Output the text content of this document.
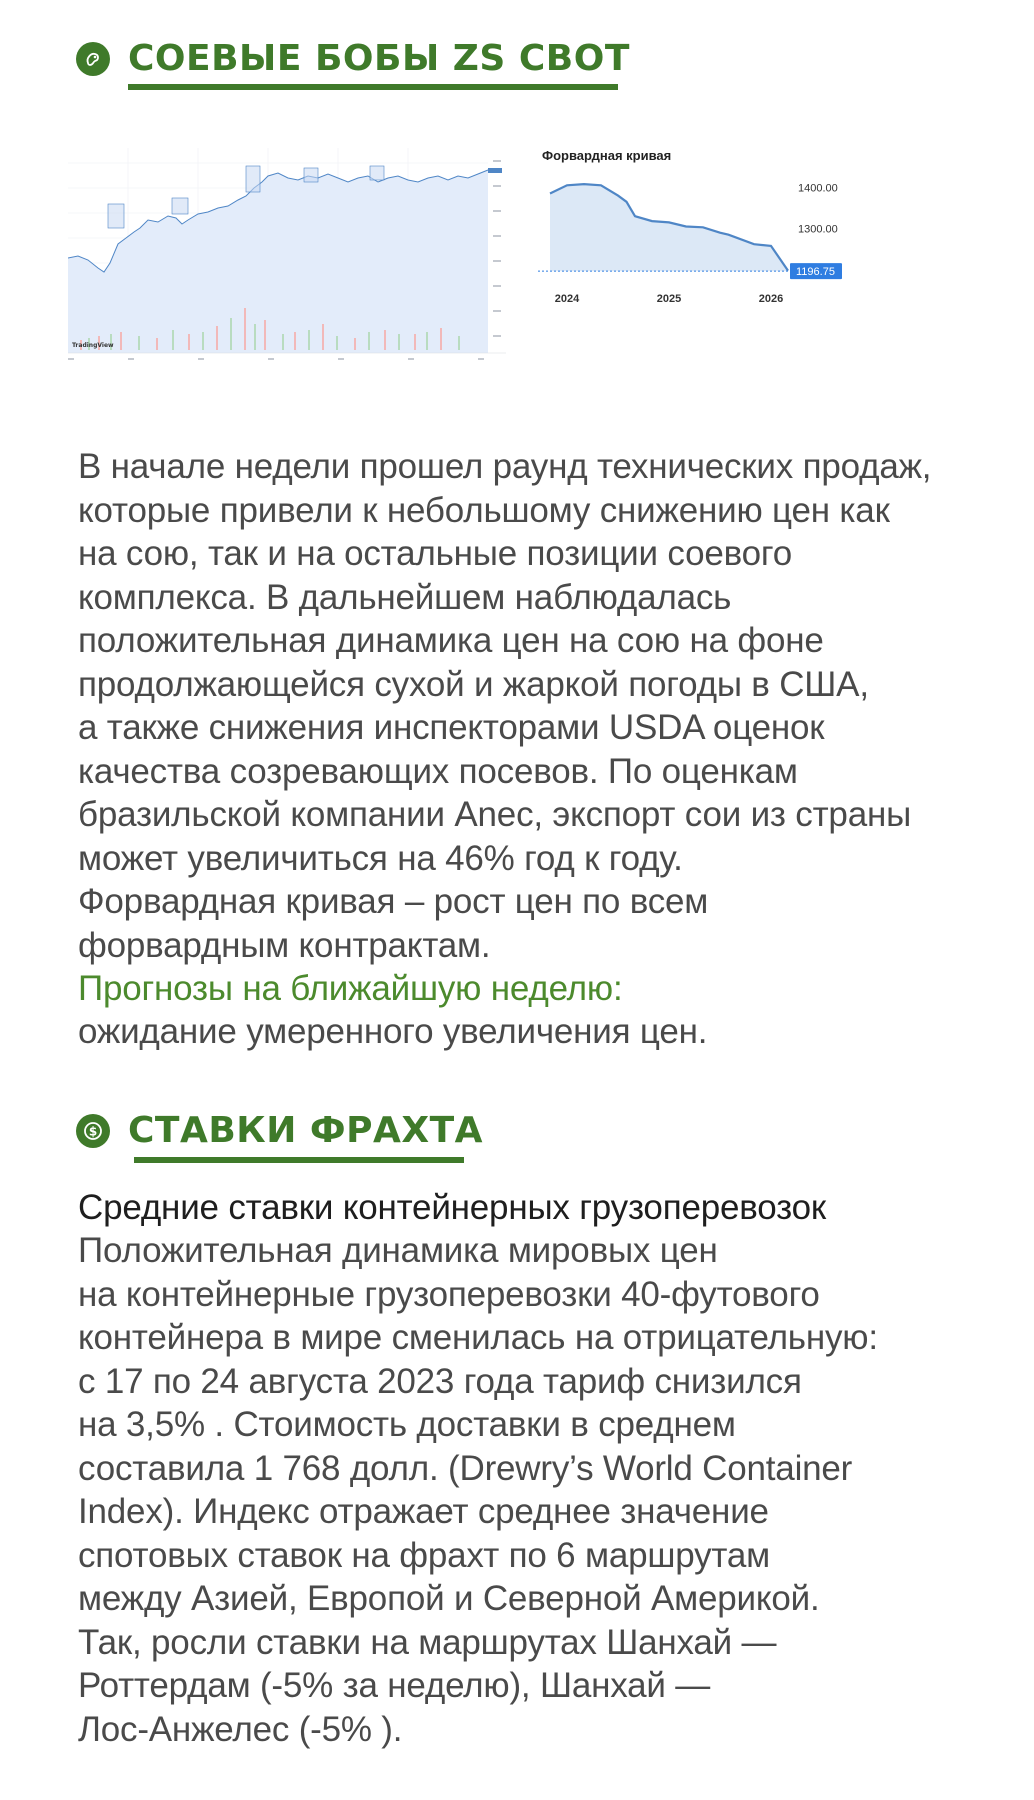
СОЕВЫЕ БОБЫ ZS CBOT
TradingView
Форвардная кривая
1400.00
1300.00
2024	2025	2026
1196.75
В начале недели прошел раунд технических продаж,
которые привели к небольшому снижению цен как
на сою, так и на остальные позиции соевого
комплекса. В дальнейшем наблюдалась
положительная динамика цен на сою на фоне
продолжающейся сухой и жаркой погоды в США,
а также снижения инспекторами USDA оценок
качества созревающих посевов. По оценкам
бразильской компании Anec, экспорт сои из страны
может увеличиться на 46% год к году.
Форвардная кривая – рост цен по всем
форвардным контрактам.
Прогнозы на ближайшую неделю:
ожидание умеренного увеличения цен.
$ СТАВКИ ФРАХТА
Средние ставки контейнерных грузоперевозок
Положительная динамика мировых цен
на контейнерные грузоперевозки 40-футового
контейнера в мире сменилась на отрицательную:
с 17 по 24 августа 2023 года тариф снизился
на 3,5% . Стоимость доставки в среднем
составила 1 768 долл. (Drewry’s World Container
Index). Индекс отражает среднее значение
спотовых ставок на фрахт по 6 маршрутам
между Азией, Европой и Северной Америкой.
Так, росли ставки на маршрутах Шанхай —
Роттердам (-5% за неделю), Шанхай —
Лос-Анжелес (-5% ).
